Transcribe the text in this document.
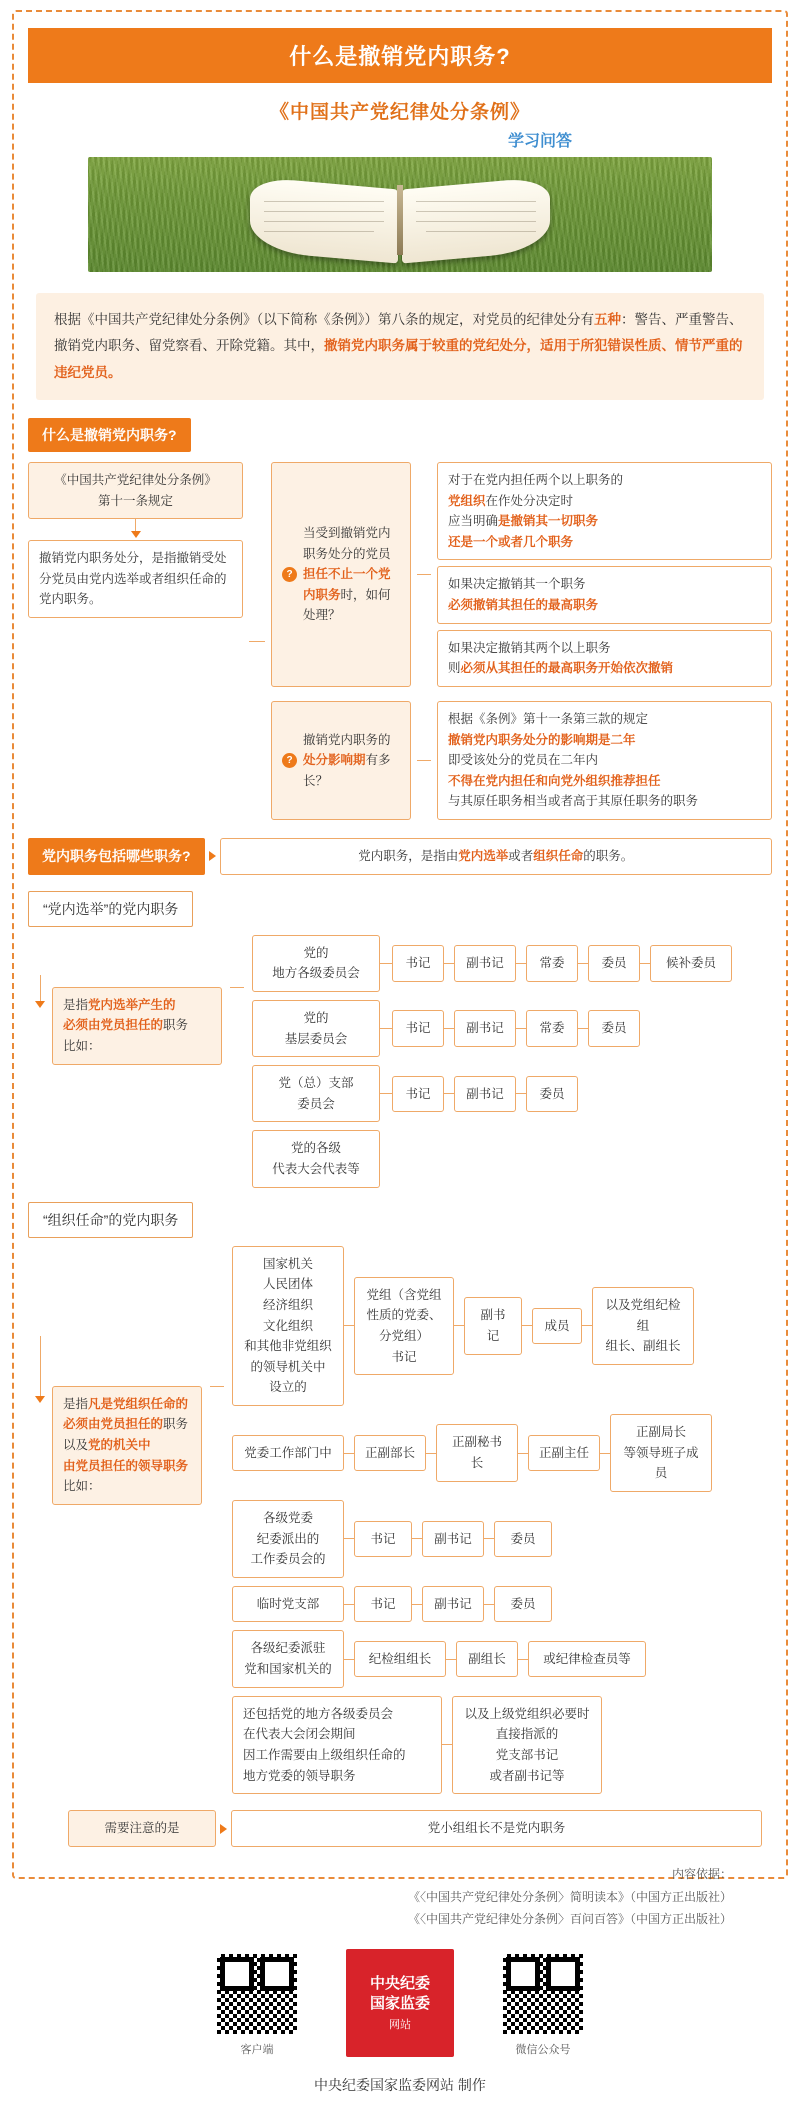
什么是撤销党内职务?
《中国共产党纪律处分条例》
学习问答
根据《中国共产党纪律处分条例》（以下简称《条例》）第八条的规定，对党员的纪律处分有五种：警告、严重警告、撤销党内职务、留党察看、开除党籍。其中，撤销党内职务属于较重的党纪处分，适用于所犯错误性质、情节严重的违纪党员。
什么是撤销党内职务?
《中国共产党纪律处分条例》
第十一条规定
撤销党内职务处分，是指撤销受处分党员由党内选举或者组织任命的党内职务。
?
当受到撤销党内职务处分的党员担任不止一个党内职务时，如何处理？
对于在党内担任两个以上职务的
党组织在作处分决定时
应当明确是撤销其一切职务
还是一个或者几个职务
如果决定撤销其一个职务
必须撤销其担任的最高职务
如果决定撤销其两个以上职务
则必须从其担任的最高职务开始依次撤销
?
撤销党内职务的处分影响期有多长？
根据《条例》第十一条第三款的规定
撤销党内职务处分的影响期是二年
即受该处分的党员在二年内
不得在党内担任和向党外组织推荐担任
与其原任职务相当或者高于其原任职务的职务
党内职务包括哪些职务?	党内职务，是指由党内选举或者组织任命的职务。
“党内选举”的党内职务
是指党内选举产生的
必须由党员担任的职务
比如：
党的
地方各级委员会
书记	副书记	常委	委员	候补委员
党的
基层委员会
书记	副书记	常委	委员
党（总）支部
委员会
书记	副书记	委员
党的各级
代表大会代表等
“组织任命”的党内职务
是指凡是党组织任命的
必须由党员担任的职务
以及党的机关中
由党员担任的领导职务
比如：
国家机关
人民团体
经济组织
文化组织
和其他非党组织的领导机关中
设立的
党组（含党组性质的党委、分党组）
书记
副书记
成员
以及党组纪检组
组长、副组长
党委工作部门中	正副部长
正副秘书长
正副主任
正副局长
等领导班子成员
各级党委
纪委派出的
工作委员会的
书记	副书记	委员
临时党支部	书记	副书记	委员
各级纪委派驻
党和国家机关的
纪检组组长	副组长	或纪律检查员等
还包括党的地方各级委员会
在代表大会闭会期间
因工作需要由上级组织任命的
地方党委的领导职务
以及上级党组织必要时
直接指派的
党支部书记
或者副书记等
需要注意的是	党小组组长不是党内职务
内容依据：
《〈中国共产党纪律处分条例〉简明读本》（中国方正出版社）
《〈中国共产党纪律处分条例〉百问百答》（中国方正出版社）
客户端
中央纪委
国家监委
网站
微信公众号
中央纪委国家监委网站 制作
